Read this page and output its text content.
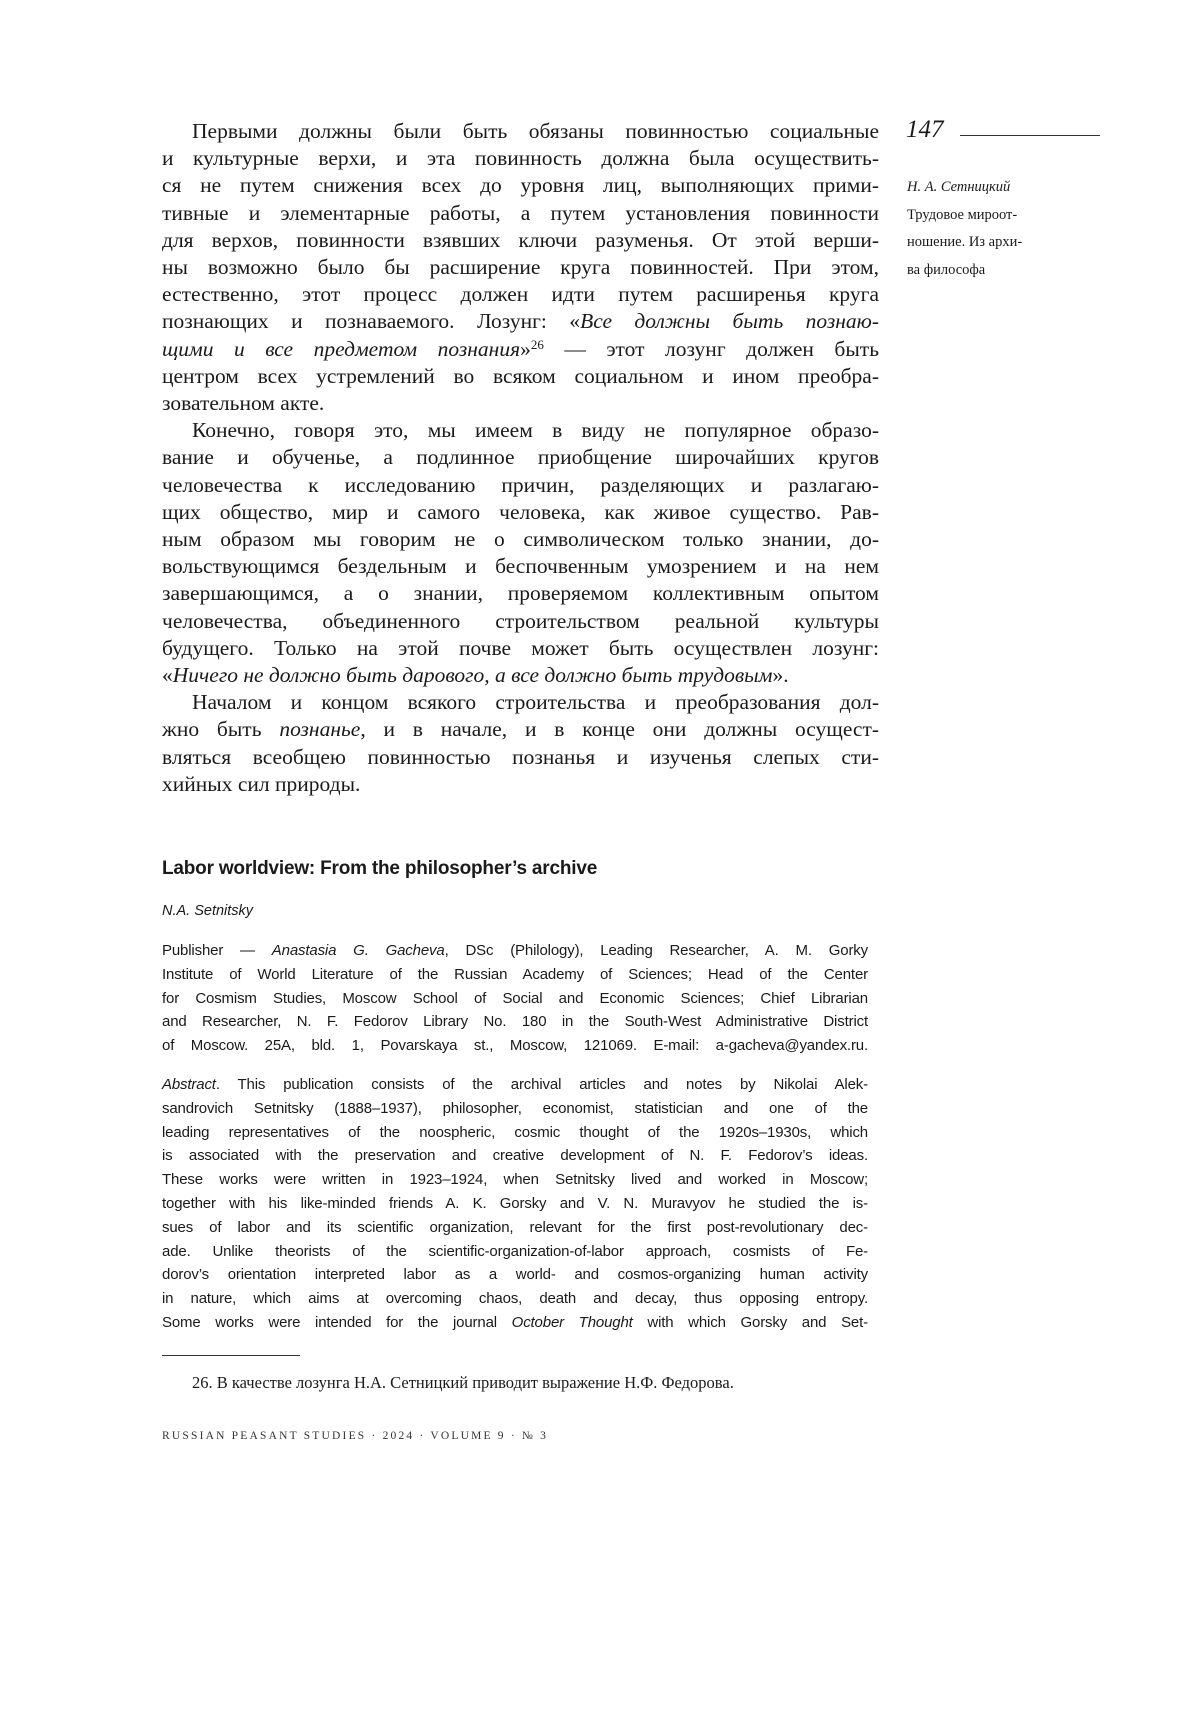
147
Н. А. Сетницкий
Трудовое мироот-
ношение. Из архи-
ва философа
Первыми должны были быть обязаны повинностью социальные
и культурные верхи, и эта повинность должна была осуществить-
ся не путем снижения всех до уровня лиц, выполняющих прими-
тивные и элементарные работы, а путем установления повинности
для верхов, повинности взявших ключи разуменья. От этой верши-
ны возможно было бы расширение круга повинностей. При этом,
естественно, этот процесс должен идти путем расширенья круга
познающих и познаваемого. Лозунг: «Все должны быть познаю-
щими и все предметом познания»26 — этот лозунг должен быть
центром всех устремлений во всяком социальном и ином преобра-
зовательном акте.
Конечно, говоря это, мы имеем в виду не популярное образо-
вание и обученье, а подлинное приобщение широчайших кругов
человечества к исследованию причин, разделяющих и разлагаю-
щих общество, мир и самого человека, как живое существо. Рав-
ным образом мы говорим не о символическом только знании, до-
вольствующимся бездельным и беспочвенным умозрением и на нем
завершающимся, а о знании, проверяемом коллективным опытом
человечества, объединенного строительством реальной культуры
будущего. Только на этой почве может быть осуществлен лозунг:
«Ничего не должно быть дарового, а все должно быть трудовым».
Началом и концом всякого строительства и преобразования дол-
жно быть познанье, и в начале, и в конце они должны осущест-
вляться всеобщею повинностью познанья и изученья слепых сти-
хийных сил природы.
Labor worldview: From the philosopher’s archive
N.A. Setnitsky
Publisher — Anastasia G. Gacheva, DSc (Philology), Leading Researcher, A. M. Gorky
Institute of World Literature of the Russian Academy of Sciences; Head of the Center
for Cosmism Studies, Moscow School of Social and Economic Sciences; Chief Librarian
and Researcher, N. F. Fedorov Library No. 180 in the South-West Administrative District
of Moscow. 25A, bld. 1, Povarskaya st., Moscow, 121069. E-mail: a-gacheva@yandex.ru.
Abstract. This publication consists of the archival articles and notes by Nikolai Alek-
sandrovich Setnitsky (1888–1937), philosopher, economist, statistician and one of the
leading representatives of the noospheric, cosmic thought of the 1920s–1930s, which
is associated with the preservation and creative development of N. F. Fedorov’s ideas.
These works were written in 1923–1924, when Setnitsky lived and worked in Moscow;
together with his like-minded friends A. K. Gorsky and V. N. Muravyov he studied the is-
sues of labor and its scientific organization, relevant for the first post-revolutionary dec-
ade. Unlike theorists of the scientific-organization-of-labor approach, cosmists of Fe-
dorov’s orientation interpreted labor as a world- and cosmos-organizing human activity
in nature, which aims at overcoming chaos, death and decay, thus opposing entropy.
Some works were intended for the journal October Thought with which Gorsky and Set-
26. В качестве лозунга Н.А. Сетницкий приводит выражение Н.Ф. Федорова.
RUSSIAN PEASANT STUDIES · 2024 · VOLUME 9 · № 3
